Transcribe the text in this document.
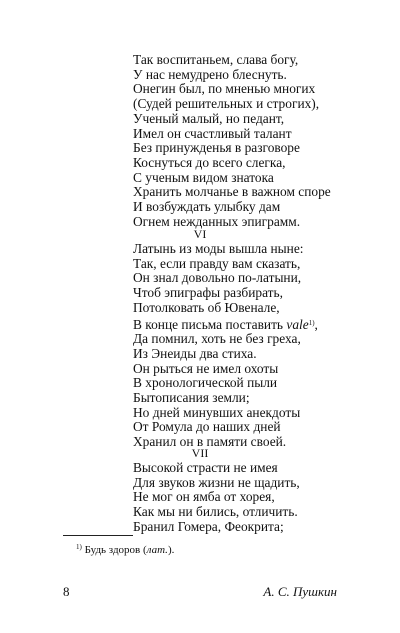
Так воспитаньем, слава богу,
У нас немудрено блеснуть.
Онегин был, по мненью многих
(Судей решительных и строгих),
Ученый малый, но педант,
Имел он счастливый талант
Без принужденья в разговоре
Коснуться до всего слегка,
С ученым видом знатока
Хранить молчанье в важном споре
И возбуждать улыбку дам
Огнем нежданных эпиграмм.
VI
Латынь из моды вышла ныне:
Так, если правду вам сказать,
Он знал довольно по-латыни,
Чтоб эпиграфы разбирать,
Потолковать об Ювенале,
В конце письма поставить vale$^{1)}$,
Да помнил, хоть не без греха,
Из Энеиды два стиха.
Он рыться не имел охоты
В хронологической пыли
Бытописания земли;
Но дней минувших анекдоты
От Ромула до наших дней
Хранил он в памяти своей.
VII
Высокой страсти не имея
Для звуков жизни не щадить,
Не мог он ямба от хорея,
Как мы ни бились, отличить.
Бранил Гомера, Феокрита;
$^{1)}$ Будь здоров (лат.).
8	А. С. Пушкин
